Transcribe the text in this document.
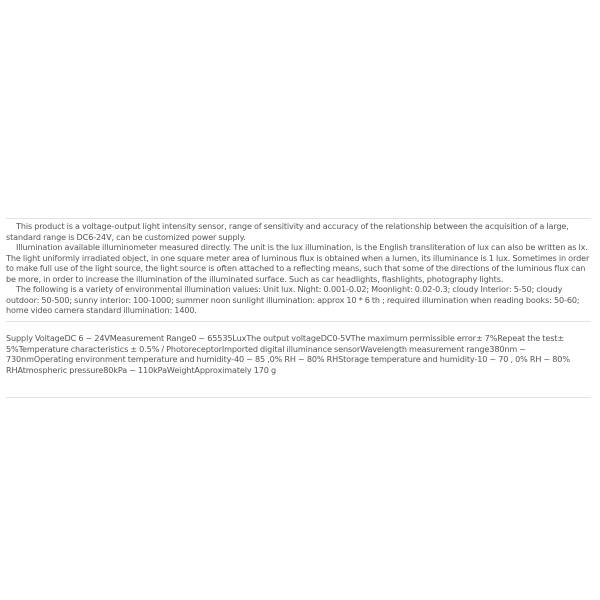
This product is a voltage-output light intensity sensor, range of sensitivity and accuracy of the relationship between the acquisition of a large, standard range is DC6-24V, can be customized power supply.

Illumination available illuminometer measured directly. The unit is the lux illumination, is the English transliteration of lux can also be written as lx. The light uniformly irradiated object, in one square meter area of luminous flux is obtained when a lumen, its illuminance is 1 lux. Sometimes in order to make full use of the light source, the light source is often attached to a reflecting means, such that some of the directions of the luminous flux can be more, in order to increase the illumination of the illuminated surface. Such as car headlights, flashlights, photography lights.

The following is a variety of environmental illumination values: Unit lux. Night: 0.001-0.02; Moonlight: 0.02-0.3; cloudy Interior: 5-50; cloudy outdoor: 50-500; sunny interior: 100-1000; summer noon sunlight illumination: approx 10 * 6 th ; required illumination when reading books: 50-60; home video camera standard illumination: 1400.

Supply VoltageDC 6 ~ 24VMeasurement Range0 ~ 65535LuxThe output voltageDC0-5VThe maximum permissible error± 7%Repeat the test± 5%Temperature characteristics ± 0.5% / PhotoreceptorImported digital illuminance sensorWavelength measurement range380nm ~ 730nmOperating environment temperature and humidity-40 ~ 85 ,0% RH ~ 80% RHStorage temperature and humidity-10 ~ 70 , 0% RH ~ 80% RHAtmospheric pressure80kPa ~ 110kPaWeightApproximately 170 g
